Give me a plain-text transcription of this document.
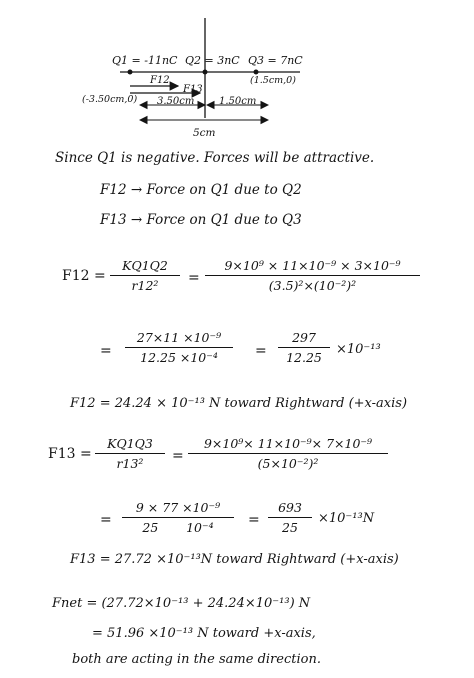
Q1 = -11nC Q2 = 3nC Q3 = 7nC
(-3.50cm,0)
(1.5cm,0)
F12
F13
3.50cm 1.50cm
5cm
Since Q1 is negative. Forces will be attractive.
F12 → Force on Q1 due to Q2
F13 → Force on Q1 due to Q3
$F12 = \frac{KQ1Q2}{\text{r12²}} = \frac{\text{9×10⁹ × 11×10⁻⁹ × 3×10⁻⁹}}{\text{(3.5)²×(10⁻²)²}}$
= $\frac{\text{27×11 ×10⁻⁹}}{\text{12.25 ×10⁻⁴}} = \frac{297}{12.25} \times 10^{-13}$
F12 = 24.24 × 10⁻¹³ N toward Rightward (+x-axis)
$F13 = \frac{KQ1Q3}{\text{r13²}} = \frac{\text{9×10⁹× 11×10⁻⁹× 7×10⁻⁹}}{\text{(5×10⁻²)²}}$
= $\frac{\text{9 × 77 ×10⁻⁹}}{\text{25       10⁻⁴}} = \frac{693}{25} \times 10^{-13}N$
F13 = 27.72 ×10⁻¹³N toward Rightward (+x-axis)
Fnet = (27.72×10⁻¹³ + 24.24×10⁻¹³) N
= 51.96 ×10⁻¹³ N toward +x-axis,
both are acting in the same direction.
